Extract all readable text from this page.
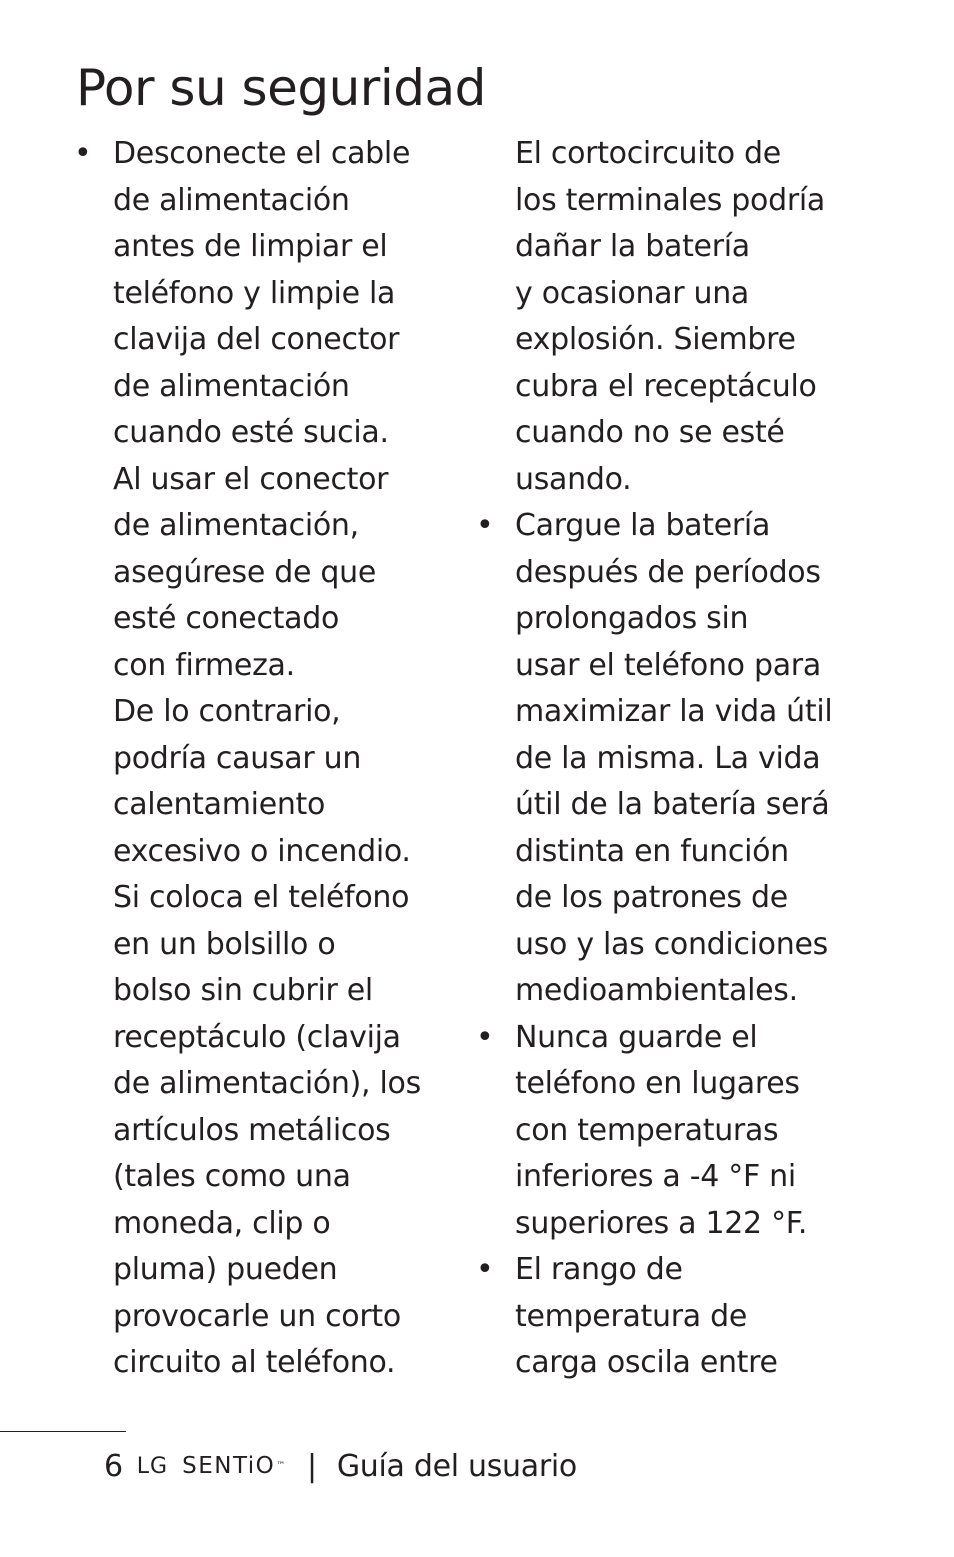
Por su seguridad
• Desconecte el cable
de alimentación
antes de limpiar el
teléfono y limpie la
clavija del conector
de alimentación
cuando esté sucia.
Al usar el conector
de alimentación,
asegúrese de que
esté conectado
con firmeza.
De lo contrario,
podría causar un
calentamiento
excesivo o incendio.
Si coloca el teléfono
en un bolsillo o
bolso sin cubrir el
receptáculo (clavija
de alimentación), los
artículos metálicos
(tales como una
moneda, clip o
pluma) pueden
provocarle un corto
circuito al teléfono.
El cortocircuito de
los terminales podría
dañar la batería
y ocasionar una
explosión. Siembre
cubra el receptáculo
cuando no se esté
usando.
• Cargue la batería
después de períodos
prolongados sin
usar el teléfono para
maximizar la vida útil
de la misma. La vida
útil de la batería será
distinta en función
de los patrones de
uso y las condiciones
medioambientales.
• Nunca guarde el
teléfono en lugares
con temperaturas
inferiores a -4 °F ni
superiores a 122 °F.
• El rango de
temperatura de
carga oscila entre
6 LG SENTiO ™ | Guía del usuario
